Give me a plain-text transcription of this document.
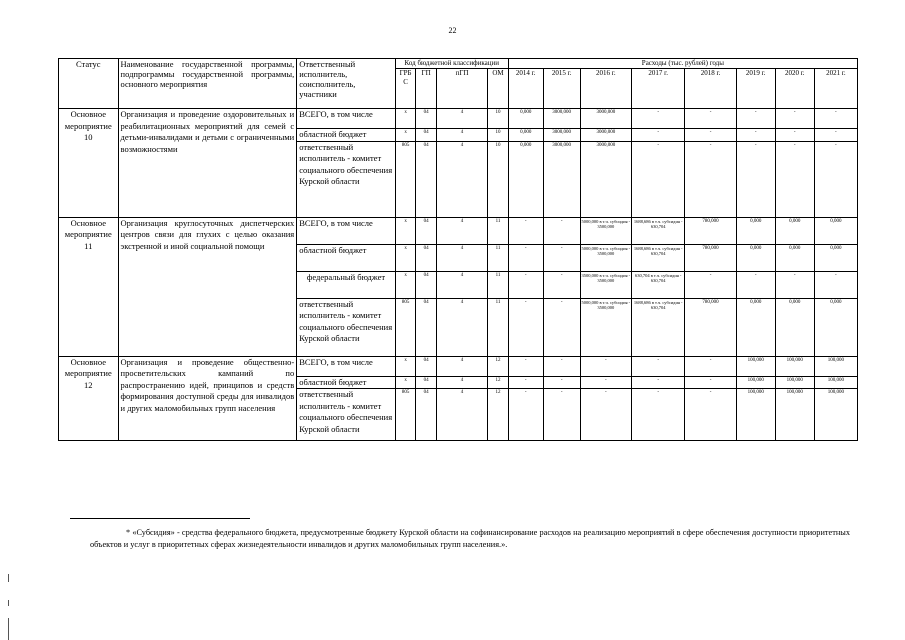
22
Статус	Наименование государственной программы, подпрограммы государственной программы, основного мероприятия	Ответственный исполнитель, соисполнитель, участники	Код бюджетной классификации				Расходы (тыс. рублей) годы							
			ГРБ С	ГП	пГП	ОМ	2014 г.	2015 г.	2016 г.	2017 г.	2018 г.	2019 г.	2020 г.	2021 г.
Основное мероприятие 10	Организация и проведение оздоровительных и реабилитационных мероприятий для семей с детьми-инвалидами и детьми с ограниченными возможностями	ВСЕГО, в том числе	х	04	4	10	0,000	3000,000	3000,000	-	-	-	-	-
		областной бюджет	х	04	4	10	0,000	3000,000	3000,000	-	-	-	-	-
		ответственный исполнитель - комитет социального обеспечения Курской области	805	04	4	10	0,000	3000,000	3000,000	-	-	-	-	-
Основное мероприятие 11	Организация круглосуточных диспетчерских центров связи для глухих с целью оказания экстренной и иной социальной помощи	ВСЕГО, в том числе	х	04	4	11	-	-	5000,000 в т.ч. субсидия - 3500,000	1688,686 в т.ч. субсидия - 630,704	780,000	0,000	0,000	0,000
		областной бюджет	х	04	4	11	-	-	5000,000 в т.ч. субсидия - 3500,000	1688,686 в т.ч. субсидия - 630,704	780,000	0,000	0,000	0,000
		федеральный бюджет	х	04	4	11	-	-	3500,000 в т.ч. субсидия - 3500,000	630,704 в т.ч. субсидия - 630,704	-	-	-	-
		ответственный исполнитель - комитет социального обеспечения Курской области	805	04	4	11	-	-	5000,000 в т.ч. субсидия - 3500,000	1688,686 в т.ч. субсидия - 630,704	780,000	0,000	0,000	0,000
Основное мероприятие 12	Организация и проведение общественно-просветительских кампаний по распространению идей, принципов и средств формирования доступной среды для инвалидов и других маломобильных групп населения	ВСЕГО, в том числе	х	04	4	12	-	-	-	-	-	100,000	100,000	100,000
		областной бюджет	х	04	4	12	-	-	-	-	-	100,000	100,000	100,000
		ответственный исполнитель - комитет социального обеспечения Курской области	805	04	4	12	-	-	-	-	-	100,000	100,000	100,000
* «Субсидия» - средства федерального бюджета, предусмотренные бюджету Курской области на софинансирование расходов на реализацию мероприятий в сфере обеспечения доступности приоритетных объектов и услуг в приоритетных сферах жизнедеятельности инвалидов и других маломобильных групп населения.».
